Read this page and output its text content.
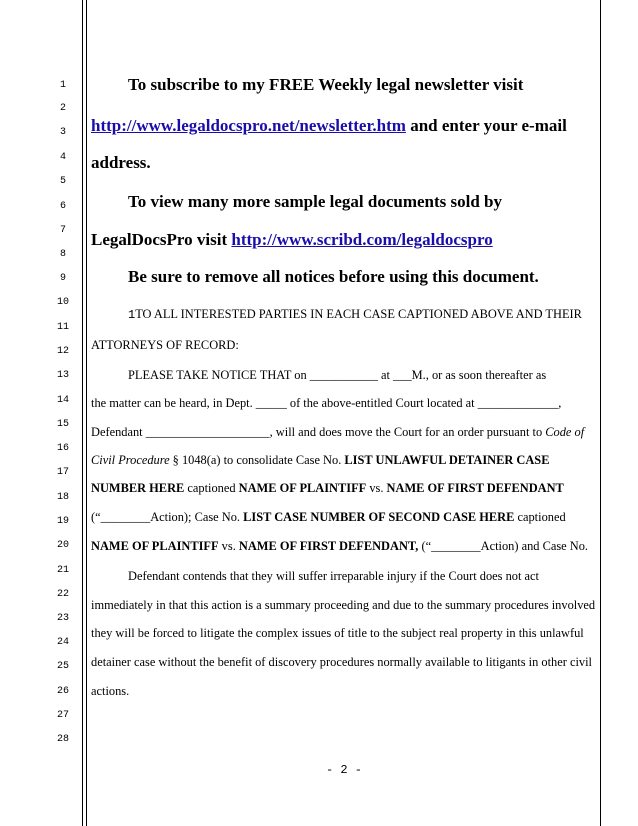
1
2
3
4
5
6
7
8
9
10
11
12
13
14
15
16
17
18
19
20
21
22
23
24
25
26
27
28
To subscribe to my FREE Weekly legal newsletter visit
http://www.legaldocspro.net/newsletter.htm and enter your e-mail
address.
To view many more sample legal documents sold by
LegalDocsPro visit http://www.scribd.com/legaldocspro
Be sure to remove all notices before using this document.
1TO ALL INTERESTED PARTIES IN EACH CASE CAPTIONED ABOVE AND THEIR
ATTORNEYS OF RECORD:
PLEASE TAKE NOTICE THAT on ___________ at ___M., or as soon thereafter as
the matter can be heard, in Dept. _____ of the above-entitled Court located at _____________,
Defendant ____________________, will and does move the Court for an order pursuant to Code of
Civil Procedure § 1048(a) to consolidate Case No. LIST UNLAWFUL DETAINER CASE
NUMBER HERE captioned NAME OF PLAINTIFF vs. NAME OF FIRST DEFENDANT
(“________Action); Case No. LIST CASE NUMBER OF SECOND CASE HERE captioned
NAME OF PLAINTIFF vs. NAME OF FIRST DEFENDANT, (“________Action) and Case No.
Defendant contends that they will suffer irreparable injury if the Court does not act
immediately in that this action is a summary proceeding and due to the summary procedures involved
they will be forced to litigate the complex issues of title to the subject real property in this unlawful
detainer case without the benefit of discovery procedures normally available to litigants in other civil
actions.
- 2 -
